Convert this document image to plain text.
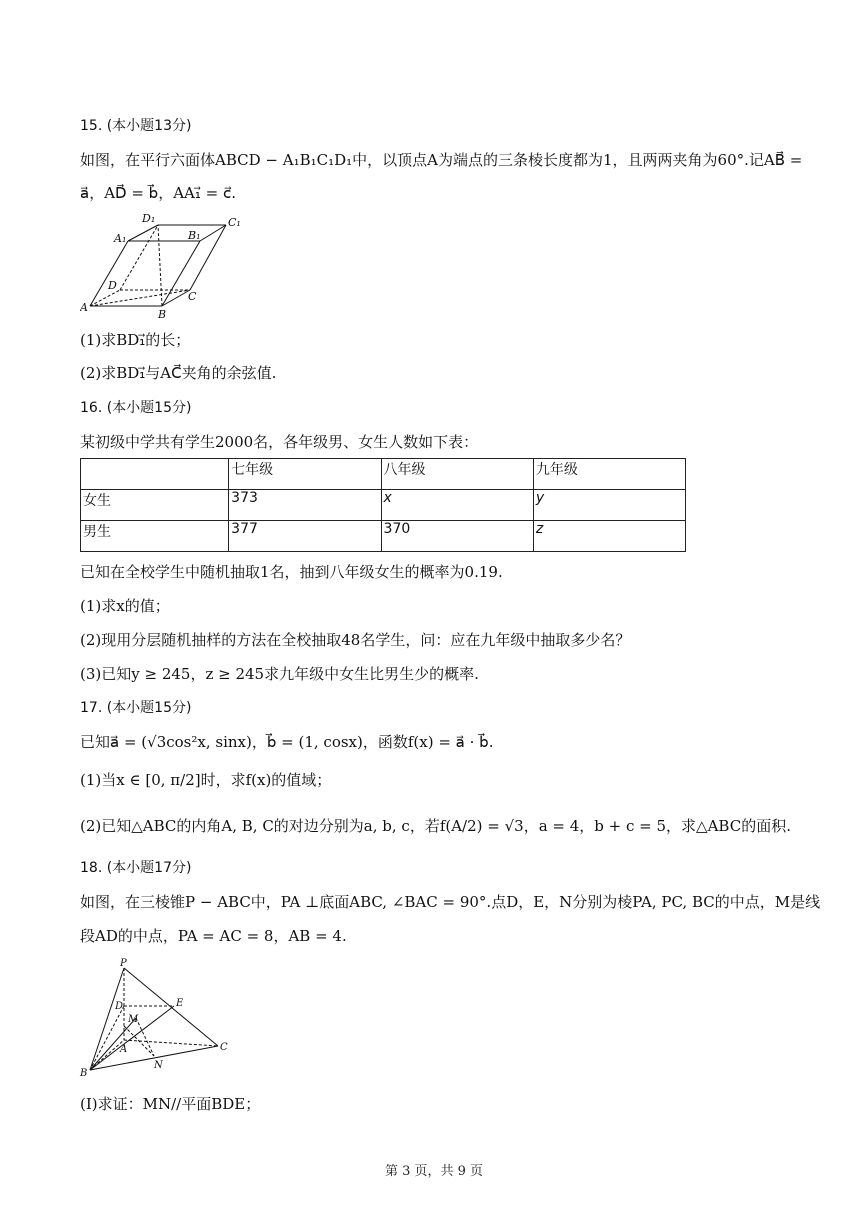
15. (本小题13分)
如图，在平行六面体ABCD − A₁B₁C₁D₁中，以顶点A为端点的三条棱长度都为1，且两两夹角为60°.记AB⃗ =
a⃗，AD⃗ = b⃗，AA₁⃗ = c⃗.
D₁	C₁
A₁	B₁
D
C
A
B
(1)求BD₁⃗的长；
(2)求BD₁⃗与AC⃗夹角的余弦值.
16. (本小题15分)
某初级中学共有学生2000名，各年级男、女生人数如下表：
	七年级	八年级	九年级
女生	373	x	y
男生	377	370	z
已知在全校学生中随机抽取1名，抽到八年级女生的概率为0.19.
(1)求x的值；
(2)现用分层随机抽样的方法在全校抽取48名学生，问：应在九年级中抽取多少名？
(3)已知y ≥ 245，z ≥ 245求九年级中女生比男生少的概率.
17. (本小题15分)
已知a⃗ = (√3cos²x, sinx)，b⃗ = (1, cosx)，函数f(x) = a⃗ · b⃗.
(1)当x ∈ [0, π/2]时，求f(x)的值域；
(2)已知△ABC的内角A, B, C的对边分别为a, b, c，若f(A/2) = √3，a = 4，b + c = 5，求△ABC的面积.
18. (本小题17分)
如图，在三棱锥P − ABC中，PA ⊥底面ABC, ∠BAC = 90°.点D，E，N分别为棱PA, PC, BC的中点，M是线
段AD的中点，PA = AC = 8，AB = 4.
P
E
D
M
A	C
N
B
(I)求证：MN//平面BDE；
第 3 页，共 9 页
